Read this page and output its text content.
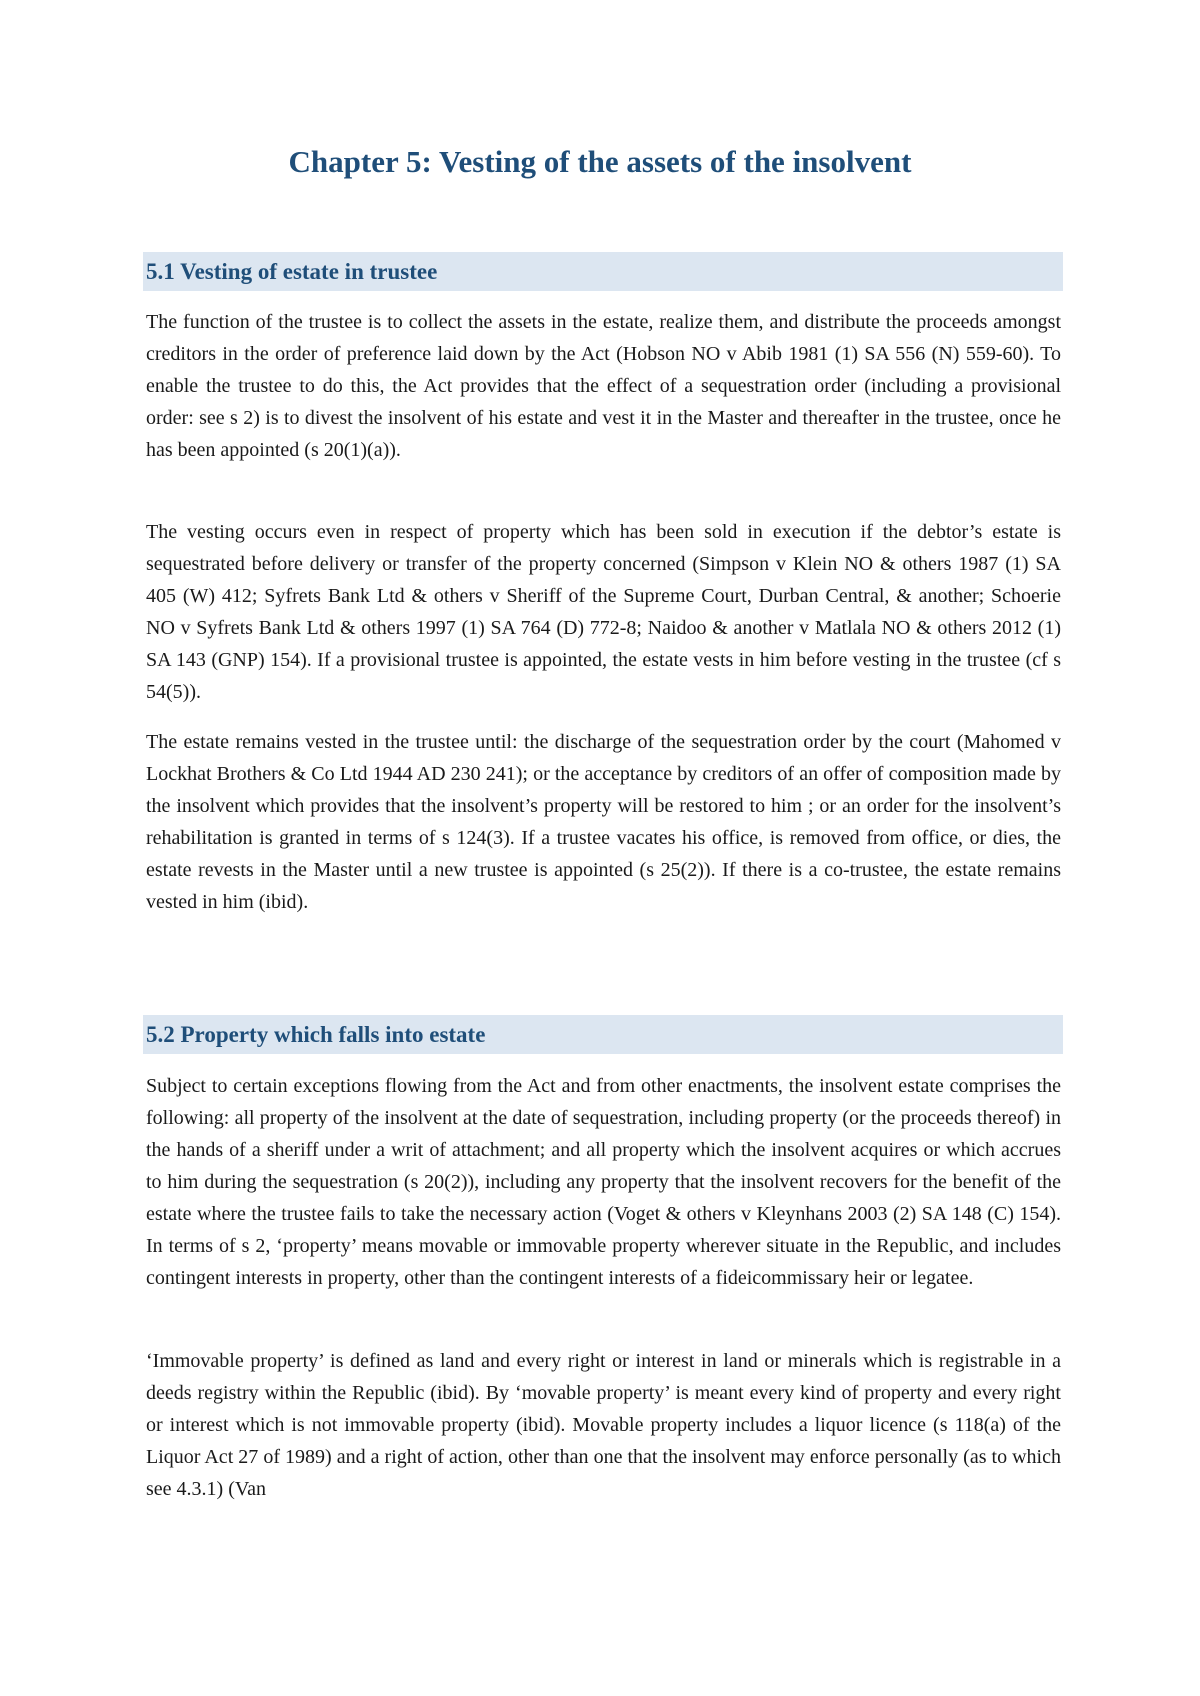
Chapter 5: Vesting of the assets of the insolvent
5.1 Vesting of estate in trustee

The function of the trustee is to collect the assets in the estate, realize them, and distribute the proceeds amongst creditors in the order of preference laid down by the Act (Hobson NO v Abib 1981 (1) SA 556 (N) 559-60). To enable the trustee to do this, the Act provides that the effect of a sequestration order (including a provisional order: see s 2) is to divest the insolvent of his estate and vest it in the Master and thereafter in the trustee, once he has been appointed (s 20(1)(a)).

The vesting occurs even in respect of property which has been sold in execution if the debtor’s estate is sequestrated before delivery or transfer of the property concerned (Simpson v Klein NO & others 1987 (1) SA 405 (W) 412; Syfrets Bank Ltd & others v Sheriff of the Supreme Court, Durban Central, & another; Schoerie NO v Syfrets Bank Ltd & others 1997 (1) SA 764 (D) 772-8; Naidoo & another v Matlala NO & others 2012 (1) SA 143 (GNP) 154). If a provisional trustee is appointed, the estate vests in him before vesting in the trustee (cf s 54(5)).

The estate remains vested in the trustee until: the discharge of the sequestration order by the court (Mahomed v Lockhat Brothers & Co Ltd 1944 AD 230 241); or the acceptance by creditors of an offer of composition made by the insolvent which provides that the insolvent’s property will be restored to him ; or an order for the insolvent’s rehabilitation is granted in terms of s 124(3). If a trustee vacates his office, is removed from office, or dies, the estate revests in the Master until a new trustee is appointed (s 25(2)). If there is a co-trustee, the estate remains vested in him (ibid).

5.2 Property which falls into estate

Subject to certain exceptions flowing from the Act and from other enactments, the insolvent estate comprises the following: all property of the insolvent at the date of sequestration, including property (or the proceeds thereof) in the hands of a sheriff under a writ of attachment; and all property which the insolvent acquires or which accrues to him during the sequestration (s 20(2)), including any property that the insolvent recovers for the benefit of the estate where the trustee fails to take the necessary action (Voget & others v Kleynhans 2003 (2) SA 148 (C) 154). In terms of s 2, ‘property’ means movable or immovable property wherever situate in the Republic, and includes contingent interests in property, other than the contingent interests of a fideicommissary heir or legatee.

‘Immovable property’ is defined as land and every right or interest in land or minerals which is registrable in a deeds registry within the Republic (ibid). By ‘movable property’ is meant every kind of property and every right or interest which is not immovable property (ibid). Movable property includes a liquor licence (s 118(a) of the Liquor Act 27 of 1989) and a right of action, other than one that the insolvent may enforce personally (as to which see 4.3.1) (Van
